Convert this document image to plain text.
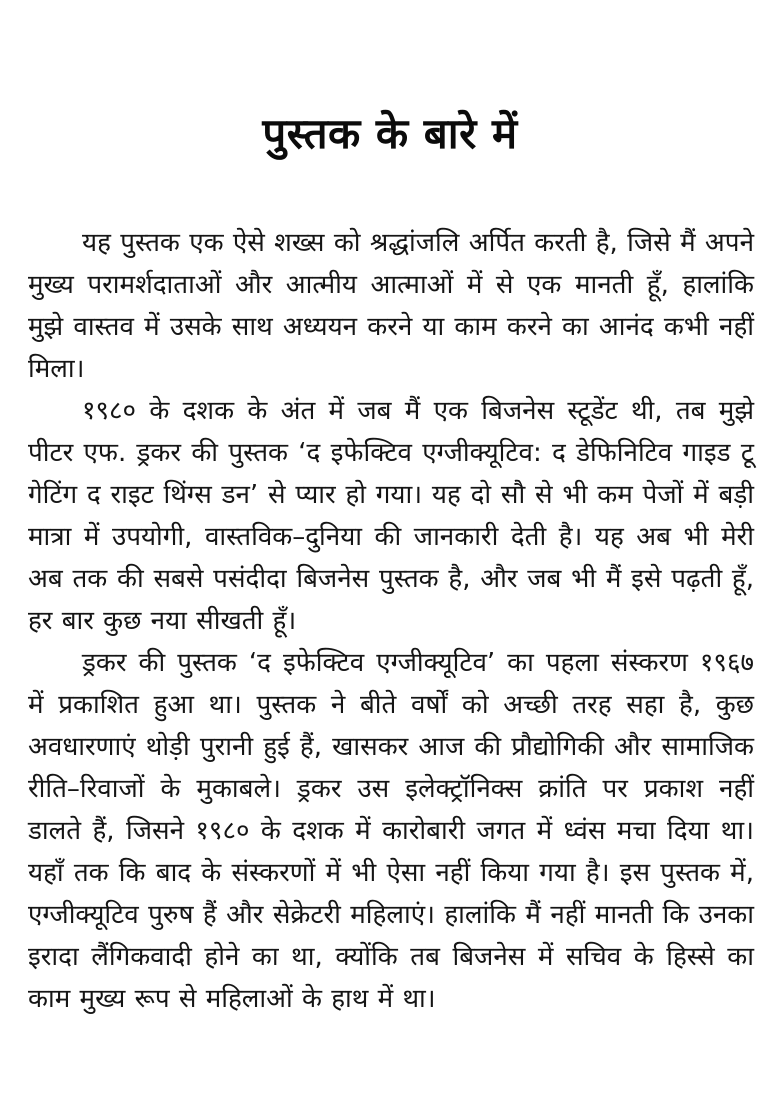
पुस्तक के बारे में

यह पुस्तक एक ऐसे शख्स को श्रद्धांजलि अर्पित करती है, जिसे मैं अपने मुख्य परामर्शदाताओं और आत्मीय आत्माओं में से एक मानती हूँ, हालांकि मुझे वास्तव में उसके साथ अध्ययन करने या काम करने का आनंद कभी नहीं मिला।

१९८० के दशक के अंत में जब मैं एक बिजनेस स्टूडेंट थी, तब मुझे पीटर एफ. ड्रकर की पुस्तक ‘द इफेक्टिव एग्जीक्यूटिव: द डेफिनिटिव गाइड टू गेटिंग द राइट थिंग्स डन’ से प्यार हो गया। यह दो सौ से भी कम पेजों में बड़ी मात्रा में उपयोगी, वास्तविक–दुनिया की जानकारी देती है। यह अब भी मेरी अब तक की सबसे पसंदीदा बिजनेस पुस्तक है, और जब भी मैं इसे पढ़ती हूँ, हर बार कुछ नया सीखती हूँ।

ड्रकर की पुस्तक ‘द इफेक्टिव एग्जीक्यूटिव’ का पहला संस्करण १९६७ में प्रकाशित हुआ था। पुस्तक ने बीते वर्षों को अच्छी तरह सहा है, कुछ अवधारणाएं थोड़ी पुरानी हुई हैं, खासकर आज की प्रौद्योगिकी और सामाजिक रीति–रिवाजों के मुकाबले। ड्रकर उस इलेक्ट्रॉनिक्स क्रांति पर प्रकाश नहीं डालते हैं, जिसने १९८० के दशक में कारोबारी जगत में ध्वंस मचा दिया था। यहाँ तक कि बाद के संस्करणों में भी ऐसा नहीं किया गया है। इस पुस्तक में, एग्जीक्यूटिव पुरुष हैं और सेक्रेटरी महिलाएं। हालांकि मैं नहीं मानती कि उनका इरादा लैंगिकवादी होने का था, क्योंकि तब बिजनेस में सचिव के हिस्से का काम मुख्य रूप से महिलाओं के हाथ में था।
